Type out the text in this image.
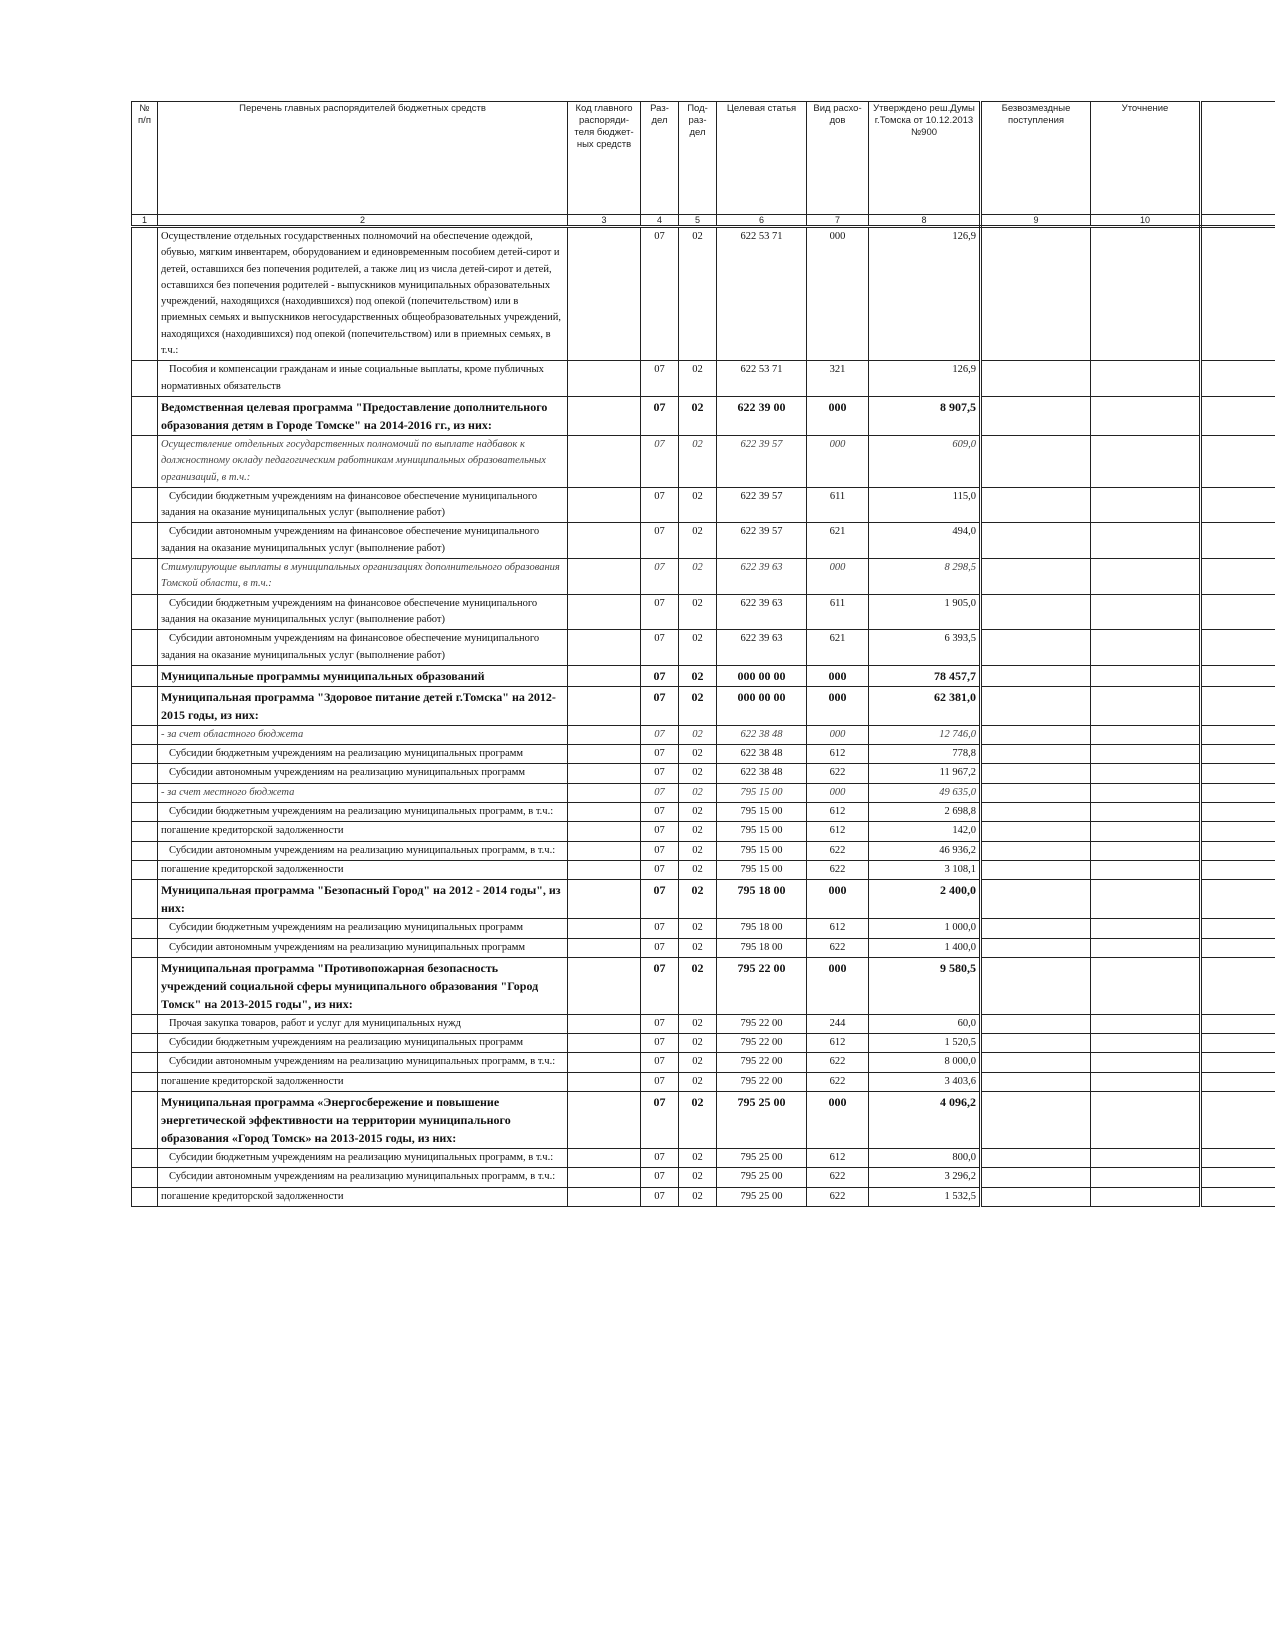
№ п/п	Перечень главных распорядителей бюджетных средств	Код главного распоряди-теля бюджет-ных средств	Раз-дел	Под-раз-дел	Целевая статья	Вид расхо-дов	Утверждено реш.Думы г.Томска от 10.12.2013 №900	Безвозмездные поступления	Уточнение	
1	2	3	4	5	6	7	8	9	10	
	Осуществление отдельных государственных полномочий на обеспечение одеждой, обувью, мягким инвентарем, оборудованием и единовременным пособием детей-сирот и детей, оставшихся без попечения родителей, а также лиц из числа детей-сирот и детей, оставшихся без попечения родителей - выпускников муниципальных образовательных учреждений, находящихся (находившихся) под опекой (попечительством) или в приемных семьях и выпускников негосударственных общеобразовательных учреждений, находящихся (находившихся) под опекой (попечительством) или в приемных семьях, в т.ч.:		07	02	622 53 71	000	126,9			
	Пособия и компенсации гражданам и иные социальные выплаты, кроме публичных нормативных обязательств		07	02	622 53 71	321	126,9			
	Ведомственная целевая программа "Предоставление дополнительного образования детям в Городе Томске" на 2014-2016 гг., из них:		07	02	622 39 00	000	8 907,5			
	Осуществление отдельных государственных полномочий по выплате надбавок к должностному окладу педагогическим работникам муниципальных образовательных организаций, в т.ч.:		07	02	622 39 57	000	609,0			
	Субсидии бюджетным учреждениям на финансовое обеспечение муниципального задания на оказание муниципальных услуг (выполнение работ)		07	02	622 39 57	611	115,0			
	Субсидии автономным учреждениям на финансовое обеспечение муниципального задания на оказание муниципальных услуг (выполнение работ)		07	02	622 39 57	621	494,0			
	Стимулирующие выплаты в муниципальных организациях дополнительного образования Томской области, в т.ч.:		07	02	622 39 63	000	8 298,5			
	Субсидии бюджетным учреждениям на финансовое обеспечение муниципального задания на оказание муниципальных услуг (выполнение работ)		07	02	622 39 63	611	1 905,0			
	Субсидии автономным учреждениям на финансовое обеспечение муниципального задания на оказание муниципальных услуг (выполнение работ)		07	02	622 39 63	621	6 393,5			
	Муниципальные программы муниципальных образований		07	02	000 00 00	000	78 457,7			
	Муниципальная программа "Здоровое питание детей г.Томска" на 2012-2015 годы, из них:		07	02	000 00 00	000	62 381,0			
	- за счет областного бюджета		07	02	622 38 48	000	12 746,0			
	Субсидии бюджетным учреждениям на реализацию муниципальных программ		07	02	622 38 48	612	778,8			
	Субсидии автономным учреждениям на реализацию муниципальных программ		07	02	622 38 48	622	11 967,2			
	- за счет местного бюджета		07	02	795 15 00	000	49 635,0			
	Субсидии бюджетным учреждениям на реализацию муниципальных программ, в т.ч.:		07	02	795 15 00	612	2 698,8			
	погашение кредиторской задолженности		07	02	795 15 00	612	142,0			
	Субсидии автономным учреждениям на реализацию муниципальных программ, в т.ч.:		07	02	795 15 00	622	46 936,2			
	погашение кредиторской задолженности		07	02	795 15 00	622	3 108,1			
	Муниципальная программа "Безопасный Город" на 2012 - 2014 годы", из них:		07	02	795 18 00	000	2 400,0			
	Субсидии бюджетным учреждениям на реализацию муниципальных программ		07	02	795 18 00	612	1 000,0			
	Субсидии автономным учреждениям на реализацию муниципальных программ		07	02	795 18 00	622	1 400,0			
	Муниципальная программа "Противопожарная безопасность учреждений социальной сферы муниципального образования "Город Томск" на 2013-2015 годы", из них:		07	02	795 22 00	000	9 580,5			
	Прочая закупка товаров, работ и услуг для муниципальных нужд		07	02	795 22 00	244	60,0			
	Субсидии бюджетным учреждениям на реализацию муниципальных программ		07	02	795 22 00	612	1 520,5			
	Субсидии автономным учреждениям на реализацию муниципальных программ, в т.ч.:		07	02	795 22 00	622	8 000,0			
	погашение кредиторской задолженности		07	02	795 22 00	622	3 403,6			
	Муниципальная программа «Энергосбережение и повышение энергетической эффективности на территории муниципального образования «Город Томск» на 2013-2015 годы, из них:		07	02	795 25 00	000	4 096,2			
	Субсидии бюджетным учреждениям на реализацию муниципальных программ, в т.ч.:		07	02	795 25 00	612	800,0			
	Субсидии автономным учреждениям на реализацию муниципальных программ, в т.ч.:		07	02	795 25 00	622	3 296,2			
	погашение кредиторской задолженности		07	02	795 25 00	622	1 532,5			
